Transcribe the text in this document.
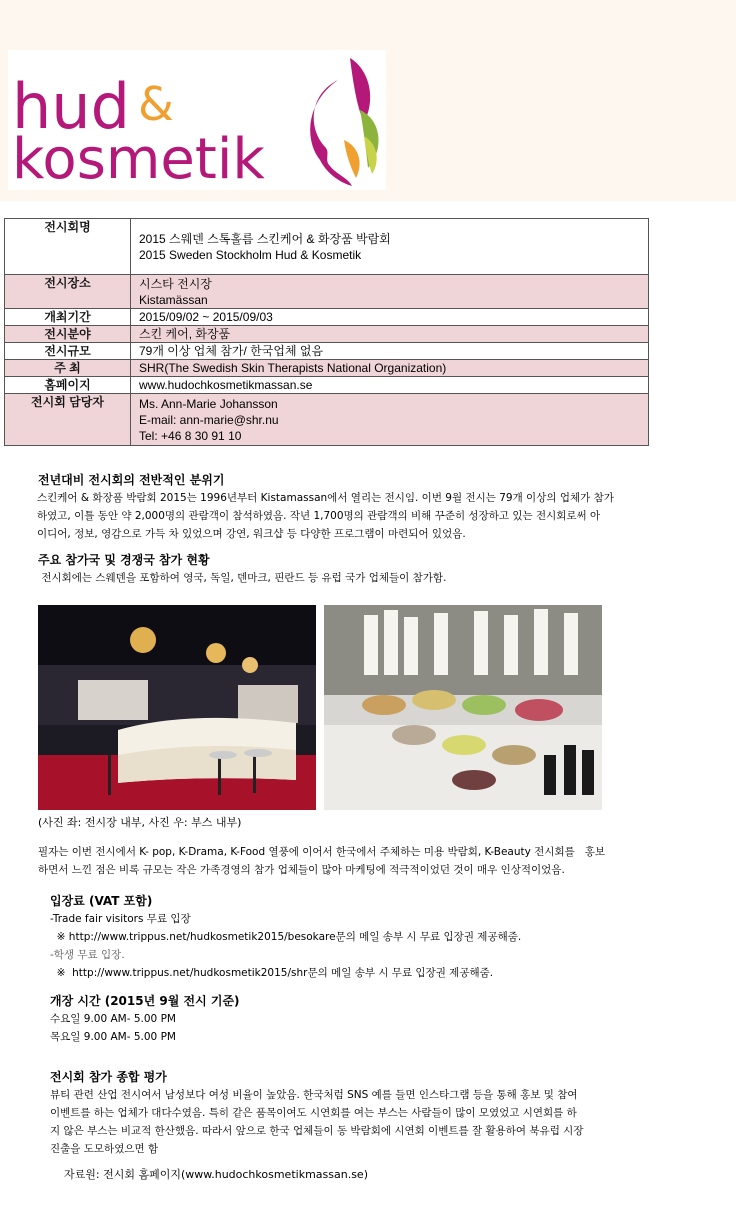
hud &
kosmetik
전시회명	2015 스웨덴 스톡홀름 스킨케어 & 화장품 박람회
2015 Sweden Stockholm Hud & Kosmetik

전시장소	시스타 전시장
Kistamässan

개최기간	2015/09/02 ~ 2015/09/03
전시분야	스킨 케어, 화장품
전시규모	79개 이상 업체 참가/ 한국업체 없음
주 최	SHR(The Swedish Skin Therapists National Organization)
홈페이지	www.hudochkosmetikmassan.se
전시회 담당자	Ms. Ann-Marie Johansson
E-mail: ann-marie@shr.nu
Tel: +46 8 30 91 10
전년대비 전시회의 전반적인 분위기
스킨케어 & 화장품 박람회 2015는 1996년부터 Kistamassan에서 열리는 전시임. 이번 9월 전시는 79개 이상의 업체가 참가
하였고, 이틀 동안 약 2,000명의 관람객이 참석하였음. 작년 1,700명의 관람객의 비해 꾸준히 성장하고 있는 전시회로써 아
이디어, 정보, 영감으로 가득 차 있었으며 강연, 워크샵 등 다양한 프로그램이 마련되어 있었음.
주요 참가국 및 경쟁국 참가 현황
전시회에는 스웨덴을 포함하여 영국, 독일, 덴마크, 핀란드 등 유럽 국가 업체들이 참가함.
(사진 좌: 전시장 내부, 사진 우: 부스 내부)
필자는 이번 전시에서 K- pop, K-Drama, K-Food 열풍에 이어서 한국에서 주체하는 미용 박람회, K-Beauty 전시회를   홍보
하면서 느낀 점은 비록 규모는 작은 가족경영의 참가 업체들이 많아 마케팅에 적극적이었던 것이 매우 인상적이었음.
입장료 (VAT 포함)
-Trade fair visitors 무료 입장
※ http://www.trippus.net/hudkosmetik2015/besokare문의 메일 송부 시 무료 입장권 제공해줌.
-학생 무료 입장.
※  http://www.trippus.net/hudkosmetik2015/shr문의 메일 송부 시 무료 입장권 제공해줌.
개장 시간 (2015년 9월 전시 기준)
수요일 9.00 AM- 5.00 PM
목요일 9.00 AM- 5.00 PM
전시회 참가 종합 평가
뷰티 관련 산업 전시여서 남성보다 여성 비율이 높았음. 한국처럼 SNS 예를 들면 인스타그램 등을 통해 홍보 및 참여
이벤트를 하는 업체가 대다수였음. 특히 같은 품목이여도 시연회를 여는 부스는 사람들이 많이 모였었고 시연회를 하
지 않은 부스는 비교적 한산했음. 따라서 앞으로 한국 업체들이 동 박람회에 시연회 이벤트를 잘 활용하여 북유럽 시장
진출을 도모하였으면 함
자료원: 전시회 홈페이지(www.hudochkosmetikmassan.se)
